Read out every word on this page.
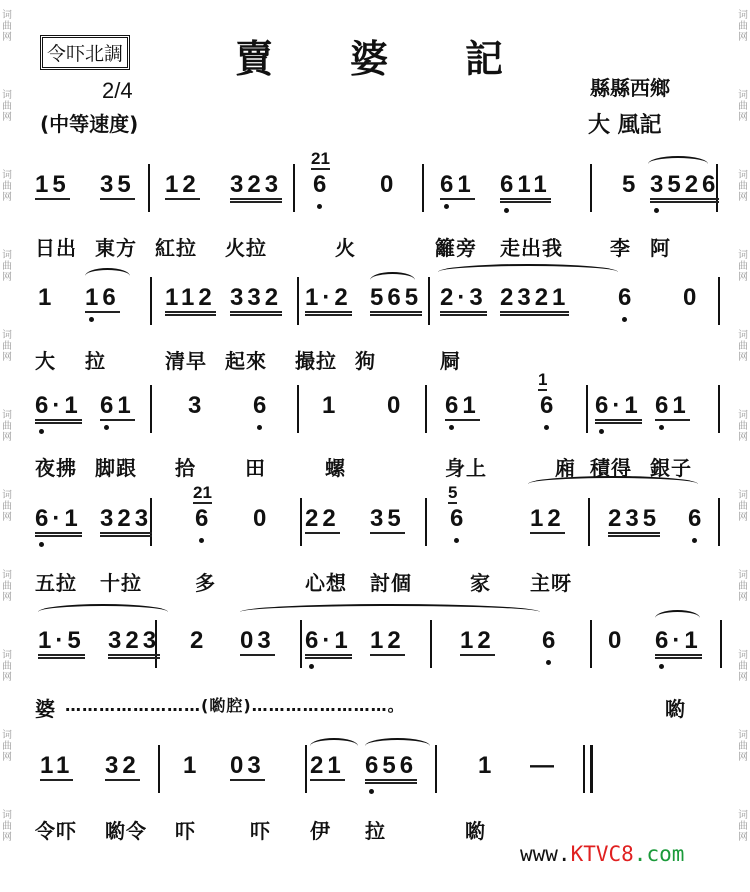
令吓北調	賣 婆 記
2/4
(中等速度)
縣縣西鄉
大 風記
15 35 12 323 6
21
0 61 611	5 3526
日出 東方 紅拉 火拉	火	籬旁 走出我 李 阿
1 16 112 332 1·2 565 2·3 2321 6 0
大 拉	清早 起來 撮拉 狗	屙
6·1 61 3 6 1 0 61	6
1
6·1 61
夜拂 脚跟 拾 田	螺	身上	廂 積得 銀子
6·1 323 6
21
0 22 35 6
5
12 235 6
五拉 十拉	多	心想 討個	家 主呀
1·5 323 2 03 6·1 12 12 6 0 6·1
婆 ……………………(喲腔)……………………。	喲
11 32 1 03 21 656	1 —
令吓 喲令 吓	吓 伊 拉	喲
词
曲
网
词
曲
网
词
曲
网
词
曲
网
词
曲
网
词
曲
网
词
曲
网
词
曲
网
词
曲
网
词
曲
网
词
曲
网
词
曲
网
词
曲
网
词
曲
网
词
曲
网
词
曲
网
词
曲
网
词
曲
网
词
曲
网
词
曲
网
词
曲
网
词
曲
网
www.KTVC8.com
